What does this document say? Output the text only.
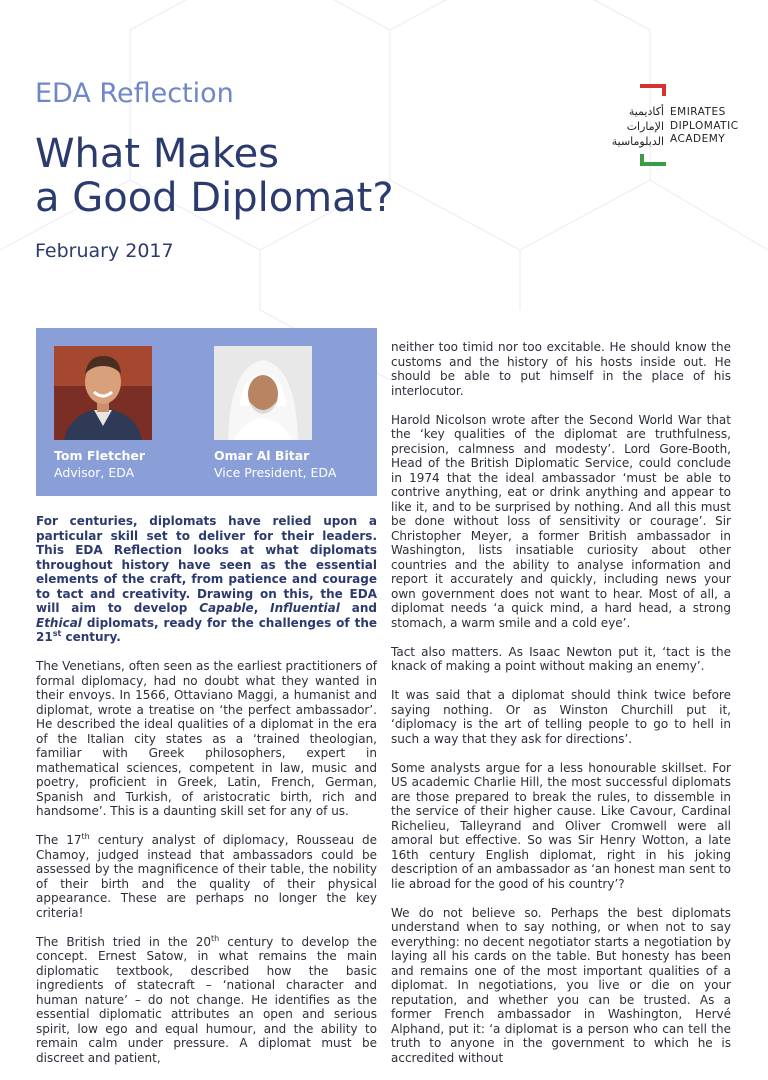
EDA Reflection
What Makes
a Good Diplomat?
February 2017
أكاديمية
الإمارات
الدبلوماسية
EMIRATES
DIPLOMATIC
ACADEMY
Tom Fletcher
Advisor, EDA
Omar Al Bitar
Vice President, EDA

For centuries, diplomats have relied upon a particular skill set to deliver for their leaders. This EDA Reflection looks at what diplomats throughout history have seen as the essential elements of the craft, from patience and courage to tact and creativity. Drawing on this, the EDA will aim to develop Capable, Influential and Ethical diplomats, ready for the challenges of the 21st century.

The Venetians, often seen as the earliest practitioners of formal diplomacy, had no doubt what they wanted in their envoys. In 1566, Ottaviano Maggi, a humanist and diplomat, wrote a treatise on ‘the perfect ambassador’. He described the ideal qualities of a diplomat in the era of the Italian city states as a ‘trained theologian, familiar with Greek philosophers, expert in mathematical sciences, competent in law, music and poetry, proficient in Greek, Latin, French, German, Spanish and Turkish, of aristocratic birth, rich and handsome’. This is a daunting skill set for any of us.

The 17th century analyst of diplomacy, Rousseau de Chamoy, judged instead that ambassadors could be assessed by the magnificence of their table, the nobility of their birth and the quality of their physical appearance. These are perhaps no longer the key criteria!

The British tried in the 20th century to develop the concept. Ernest Satow, in what remains the main diplomatic textbook, described how the basic ingredients of statecraft – ‘national character and human nature’ – do not change. He identifies as the essential diplomatic attributes an open and serious spirit, low ego and equal humour, and the ability to remain calm under pressure. A diplomat must be discreet and patient,

neither too timid nor too excitable. He should know the customs and the history of his hosts inside out. He should be able to put himself in the place of his interlocutor.

Harold Nicolson wrote after the Second World War that the ‘key qualities of the diplomat are truthfulness, precision, calmness and modesty’. Lord Gore-Booth, Head of the British Diplomatic Service, could conclude in 1974 that the ideal ambassador ‘must be able to contrive anything, eat or drink anything and appear to like it, and to be surprised by nothing. And all this must be done without loss of sensitivity or courage’. Sir Christopher Meyer, a former British ambassador in Washington, lists insatiable curiosity about other countries and the ability to analyse information and report it accurately and quickly, including news your own government does not want to hear. Most of all, a diplomat needs ‘a quick mind, a hard head, a strong stomach, a warm smile and a cold eye’.

Tact also matters. As Isaac Newton put it, ‘tact is the knack of making a point without making an enemy’.

It was said that a diplomat should think twice before saying nothing. Or as Winston Churchill put it, ‘diplomacy is the art of telling people to go to hell in such a way that they ask for directions’.

Some analysts argue for a less honourable skillset. For US academic Charlie Hill, the most successful diplomats are those prepared to break the rules, to dissemble in the service of their higher cause. Like Cavour, Cardinal Richelieu, Talleyrand and Oliver Cromwell were all amoral but effective. So was Sir Henry Wotton, a late 16th century English diplomat, right in his joking description of an ambassador as ‘an honest man sent to lie abroad for the good of his country’?

We do not believe so. Perhaps the best diplomats understand when to say nothing, or when not to say everything: no decent negotiator starts a negotiation by laying all his cards on the table. But honesty has been and remains one of the most important qualities of a diplomat. In negotiations, you live or die on your reputation, and whether you can be trusted. As a former French ambassador in Washington, Hervé Alphand, put it: ‘a diplomat is a person who can tell the truth to anyone in the government to which he is accredited without
